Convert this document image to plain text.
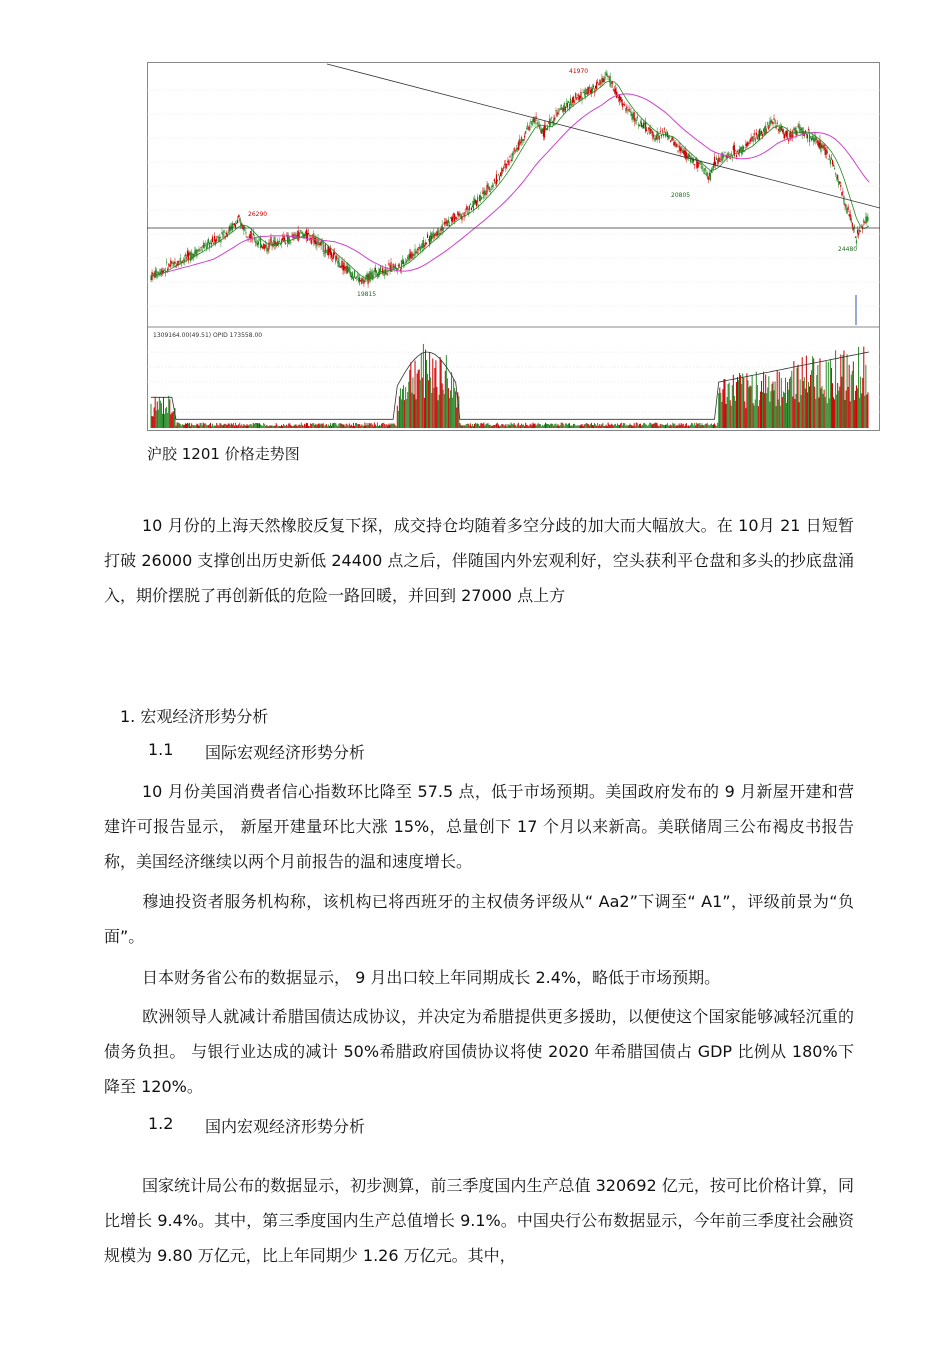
41970
26290
19815
20805
24480
1309164.00(49.51) OPID 173558.00
沪胶 1201 价格走势图

10 月份的上海天然橡胶反复下探，成交持仓均随着多空分歧的加大而大幅放大。在 10月 21 日短暂打破 26000 支撑创出历史新低 24400 点之后，伴随国内外宏观利好，空头获利平仓盘和多头的抄底盘涌入，期价摆脱了再创新低的危险一路回暖，并回到 27000 点上方

1. 宏观经济形势分析
1.1 国际宏观经济形势分析

10 月份美国消费者信心指数环比降至 57.5 点，低于市场预期。美国政府发布的 9 月新屋开建和营建许可报告显示， 新屋开建量环比大涨 15%，总量创下 17 个月以来新高。美联储周三公布褐皮书报告称，美国经济继续以两个月前报告的温和速度增长。

穆迪投资者服务机构称，该机构已将西班牙的主权债务评级从“ Aa2”下调至“ A1”，评级前景为“负面”。

日本财务省公布的数据显示， 9 月出口较上年同期成长 2.4%，略低于市场预期。

欧洲领导人就减计希腊国债达成协议，并决定为希腊提供更多援助，以便使这个国家能够减轻沉重的债务负担。 与银行业达成的减计 50%希腊政府国债协议将使 2020 年希腊国债占 GDP 比例从 180%下降至 120%。

1.2 国内宏观经济形势分析

国家统计局公布的数据显示，初步测算，前三季度国内生产总值 320692 亿元，按可比价格计算，同比增长 9.4%。其中，第三季度国内生产总值增长 9.1%。中国央行公布数据显示，今年前三季度社会融资规模为 9.80 万亿元，比上年同期少 1.26 万亿元。其中，
